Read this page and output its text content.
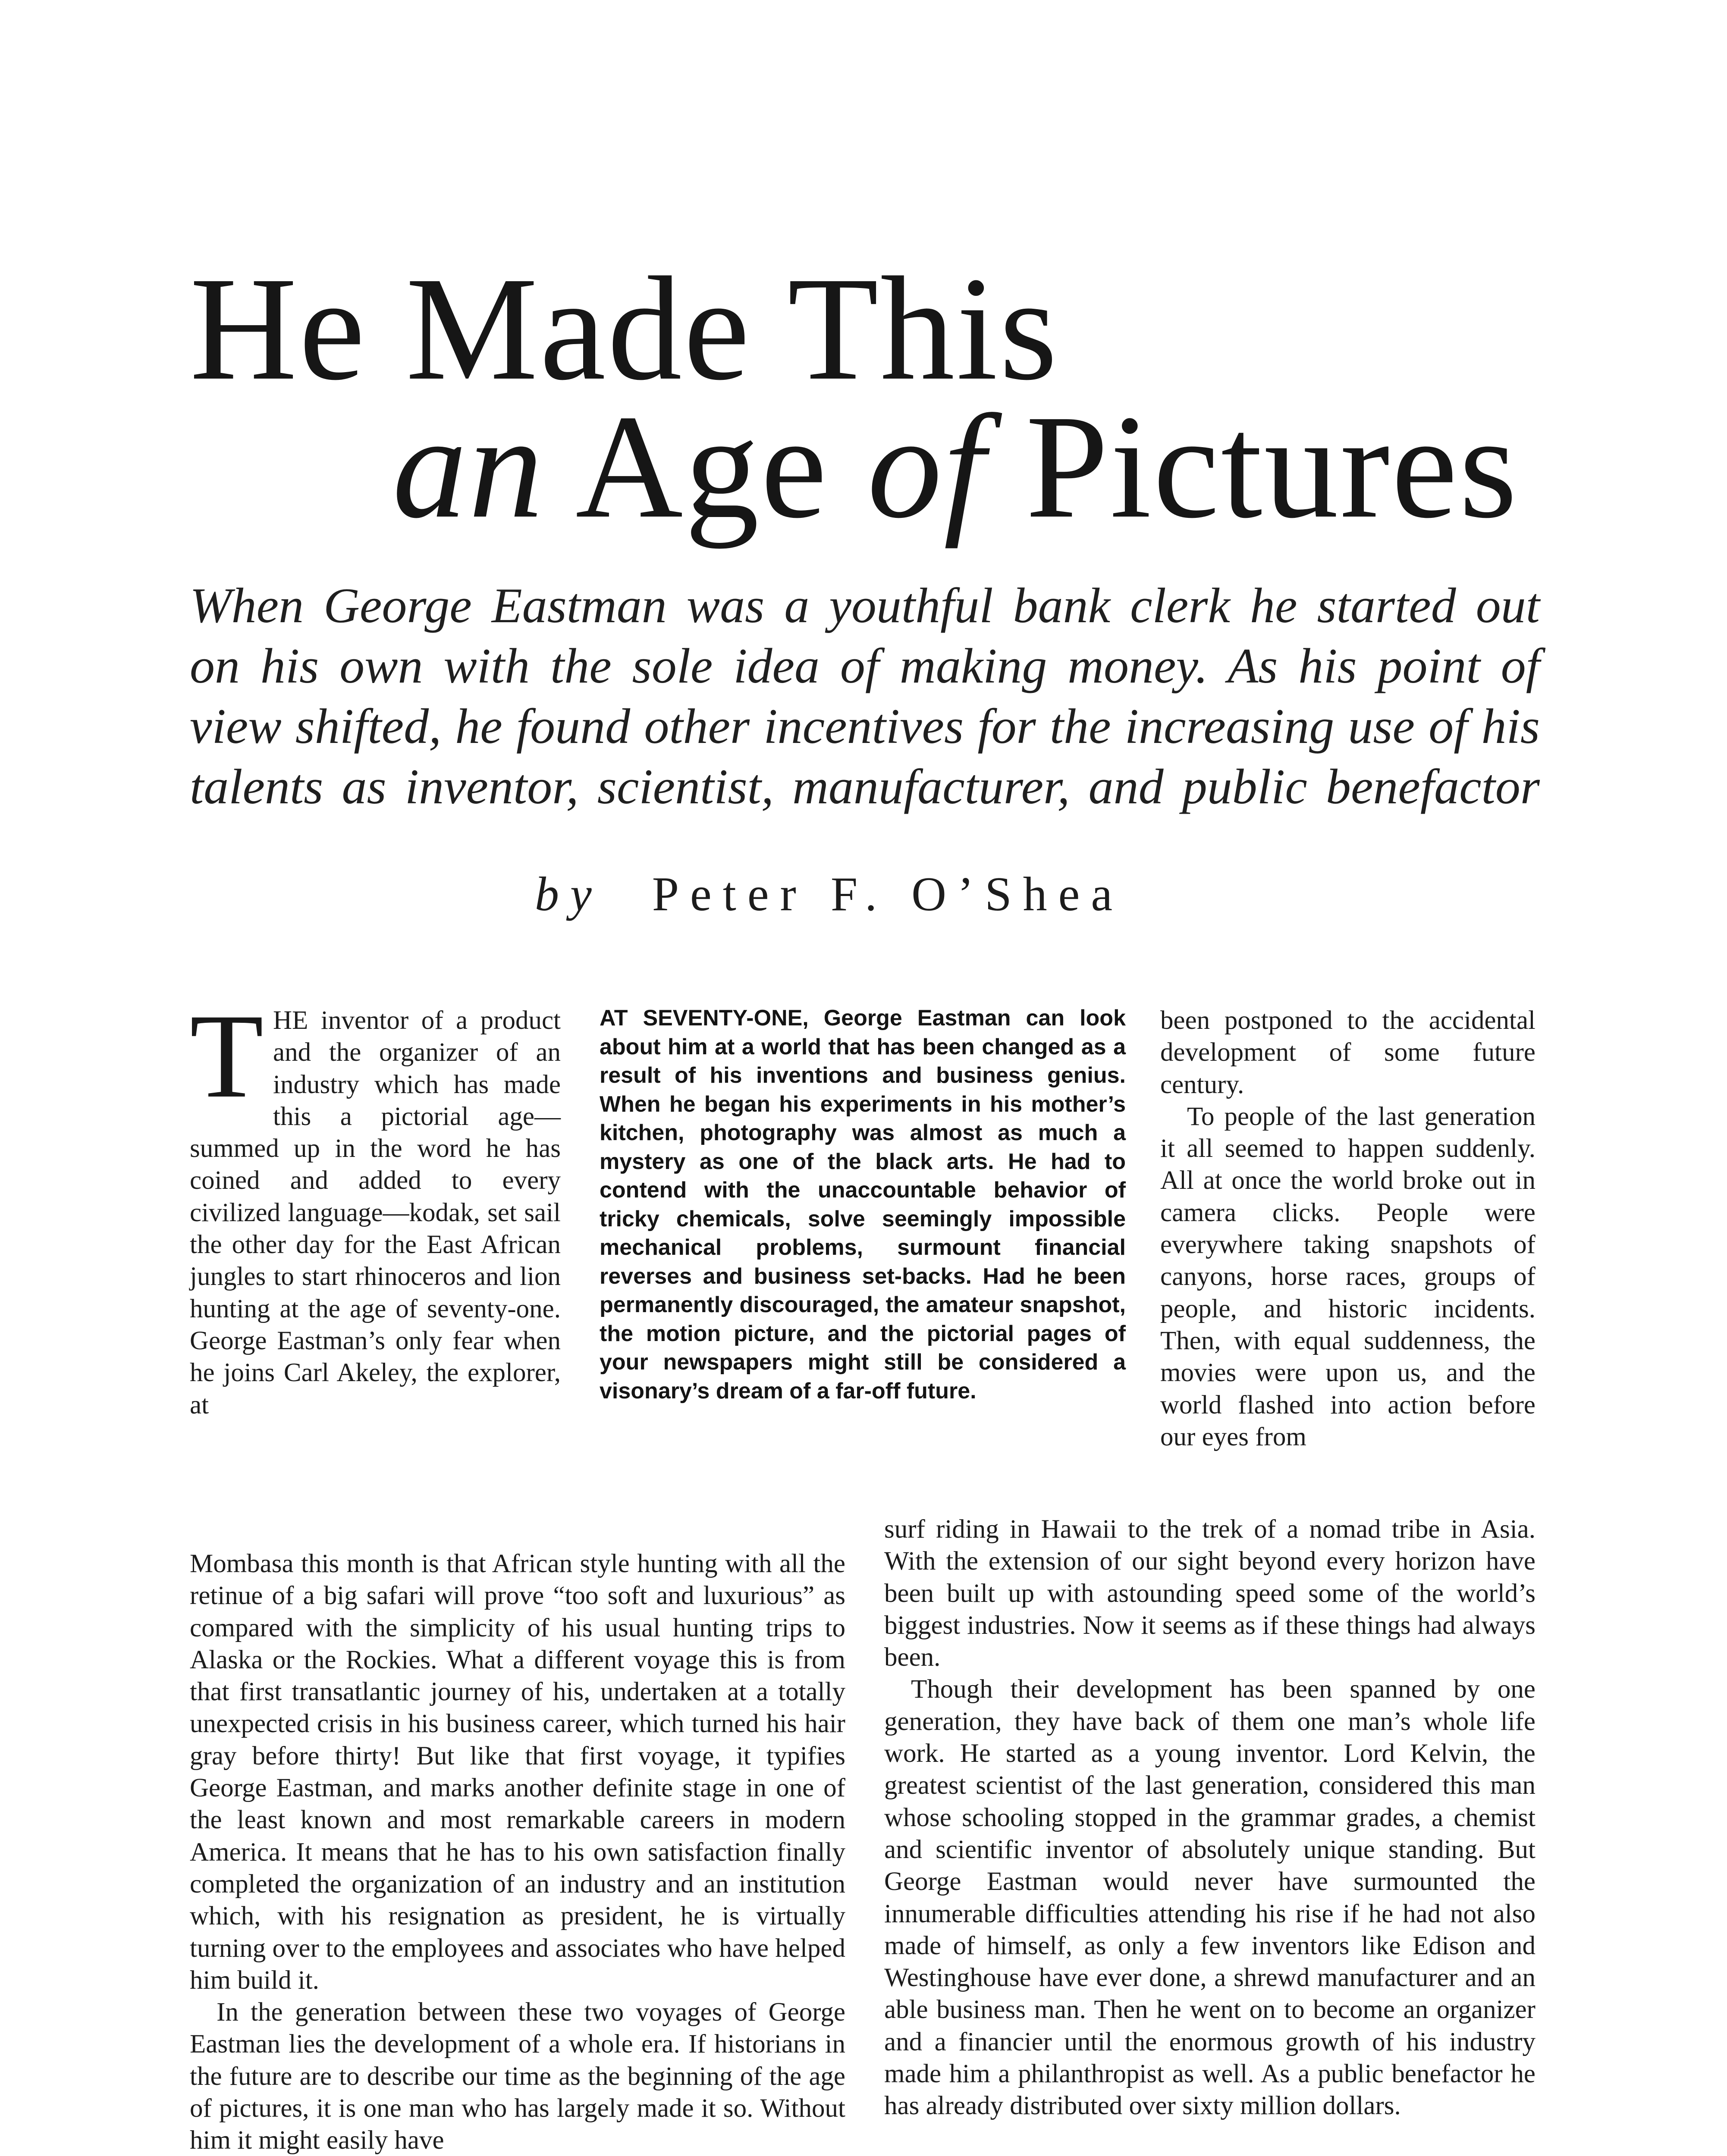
He Made This
an Age of Pictures
When George Eastman was a youthful bank clerk he started out
on his own with the sole idea of making money. As his point of
view shifted, he found other incentives for the increasing use of his
talents as inventor, scientist, manufacturer, and public benefactor
by Peter F. O’Shea
T HE inventor of a product and the organizer of an industry which has made this a pictorial age—summed up in the word he has coined and added to every civilized language—kodak, set sail the other day for the East African jungles to start rhinoceros and lion hunting at the age of seventy-one. George Eastman’s only fear when he joins Carl Akeley, the explorer, at

AT SEVENTY-ONE, George Eastman can look about him at a world that has been changed as a result of his inventions and business genius. When he began his experiments in his mother’s kitchen, photography was almost as much a mystery as one of the black arts. He had to contend with the unaccountable behavior of tricky chemicals, solve seemingly impossible mechanical problems, surmount financial reverses and business set-backs. Had he been permanently discouraged, the amateur snapshot, the motion picture, and the pictorial pages of your newspapers might still be considered a visonary’s dream of a far-off future.

been postponed to the accidental development of some future century.

To people of the last generation it all seemed to happen suddenly. All at once the world broke out in camera clicks. People were everywhere taking snapshots of canyons, horse races, groups of people, and historic incidents. Then, with equal suddenness, the movies were upon us, and the world flashed into action before our eyes from

Mombasa this month is that African style hunting with all the retinue of a big safari will prove “too soft and luxurious” as compared with the simplicity of his usual hunting trips to Alaska or the Rockies. What a different voyage this is from that first transatlantic journey of his, undertaken at a totally unexpected crisis in his business career, which turned his hair gray before thirty! But like that first voyage, it typifies George Eastman, and marks another definite stage in one of the least known and most remarkable careers in modern America. It means that he has to his own satisfaction finally completed the organization of an industry and an institution which, with his resignation as president, he is virtually turning over to the employees and associates who have helped him build it.

In the generation between these two voyages of George Eastman lies the development of a whole era. If historians in the future are to describe our time as the beginning of the age of pictures, it is one man who has largely made it so. Without him it might easily have

surf riding in Hawaii to the trek of a nomad tribe in Asia. With the extension of our sight beyond every horizon have been built up with astounding speed some of the world’s biggest industries. Now it seems as if these things had always been.

Though their development has been spanned by one generation, they have back of them one man’s whole life work. He started as a young inventor. Lord Kelvin, the greatest scientist of the last generation, considered this man whose schooling stopped in the grammar grades, a chemist and scientific inventor of absolutely unique standing. But George Eastman would never have surmounted the innumerable difficulties attending his rise if he had not also made of himself, as only a few inventors like Edison and Westinghouse have ever done, a shrewd manufacturer and an able business man. Then he went on to become an organizer and a financier until the enormous growth of his industry made him a philanthropist as well. As a public benefactor he has already distributed over sixty million dollars.
